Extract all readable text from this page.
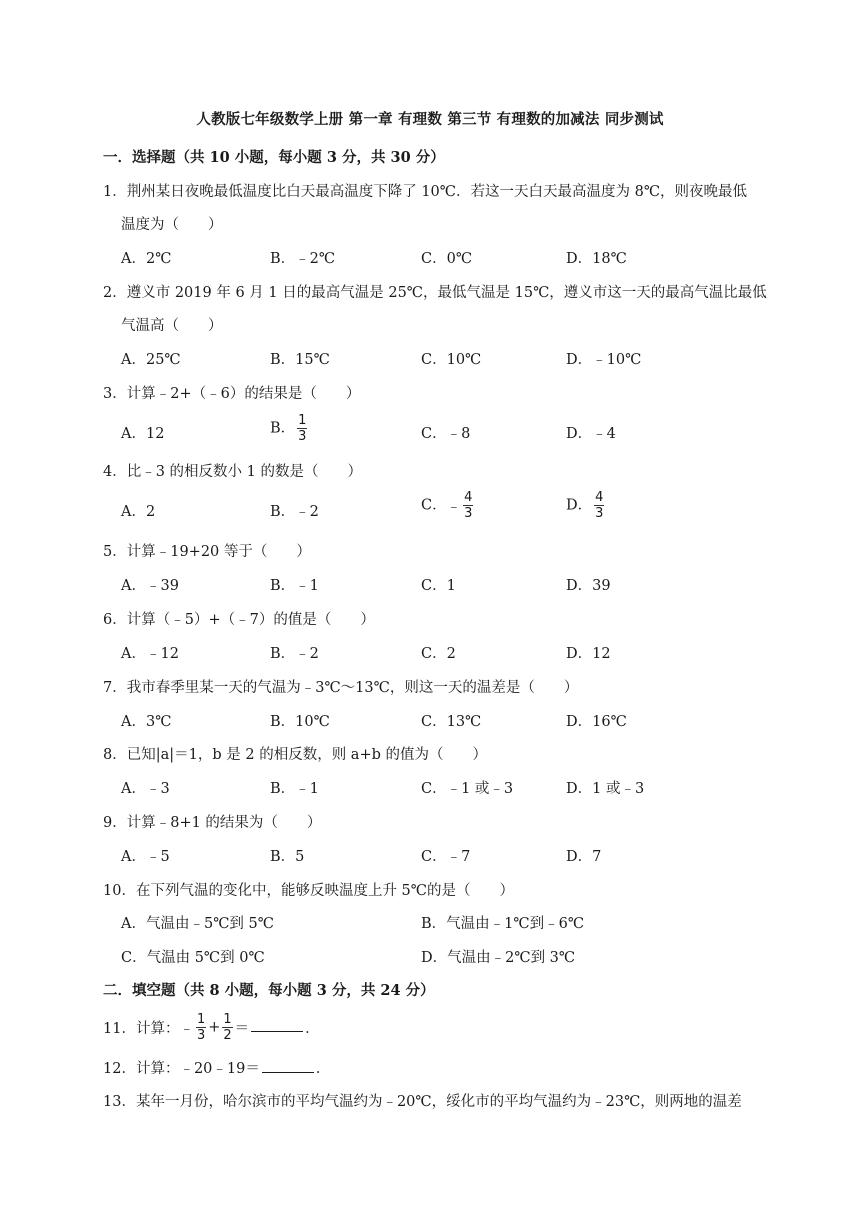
人教版七年级数学上册 第一章 有理数 第三节 有理数的加减法 同步测试
一．选择题（共 10 小题，每小题 3 分，共 30 分）
1．荆州某日夜晚最低温度比白天最高温度下降了 10℃．若这一天白天最高温度为 8℃，则夜晚最低
温度为（　　）
A．2℃	B．﹣2℃	C．0℃	D．18℃
2．遵义市 2019 年 6 月 1 日的最高气温是 25℃，最低气温是 15℃，遵义市这一天的最高气温比最低
气温高（　　）
A．25℃	B．15℃	C．10℃	D．﹣10℃
3．计算﹣2+（﹣6）的结果是（　　）
A．12	B． $\frac{1}{3}$	C．﹣8	D．﹣4
4．比﹣3 的相反数小 1 的数是（　　）
A．2	B．﹣2	C．﹣ $\frac{4}{3}$	D． $\frac{4}{3}$
5．计算﹣19+20 等于（　　）
A．﹣39	B．﹣1	C．1	D．39
6．计算（﹣5）+（﹣7）的值是（　　）
A．﹣12	B．﹣2	C．2	D．12
7．我市春季里某一天的气温为﹣3℃～13℃，则这一天的温差是（　　）
A．3℃	B．10℃	C．13℃	D．16℃
8．已知|a|＝1，b 是 2 的相反数，则 a+b 的值为（　　）
A．﹣3	B．﹣1	C．﹣1 或﹣3	D．1 或﹣3
9．计算﹣8+1 的结果为（　　）
A．﹣5	B．5	C．﹣7	D．7
10．在下列气温的变化中，能够反映温度上升 5℃的是（　　）
A．气温由﹣5℃到 5℃	B．气温由﹣1℃到﹣6℃
C．气温由 5℃到 0℃	D．气温由﹣2℃到 3℃
二．填空题（共 8 小题，每小题 3 分，共 24 分）
11．计算：﹣ $\frac{1}{3} + \frac{1}{2}$ ＝	．
12．计算：﹣20﹣19＝	．
13．某年一月份，哈尔滨市的平均气温约为﹣20℃，绥化市的平均气温约为﹣23℃，则两地的温差
